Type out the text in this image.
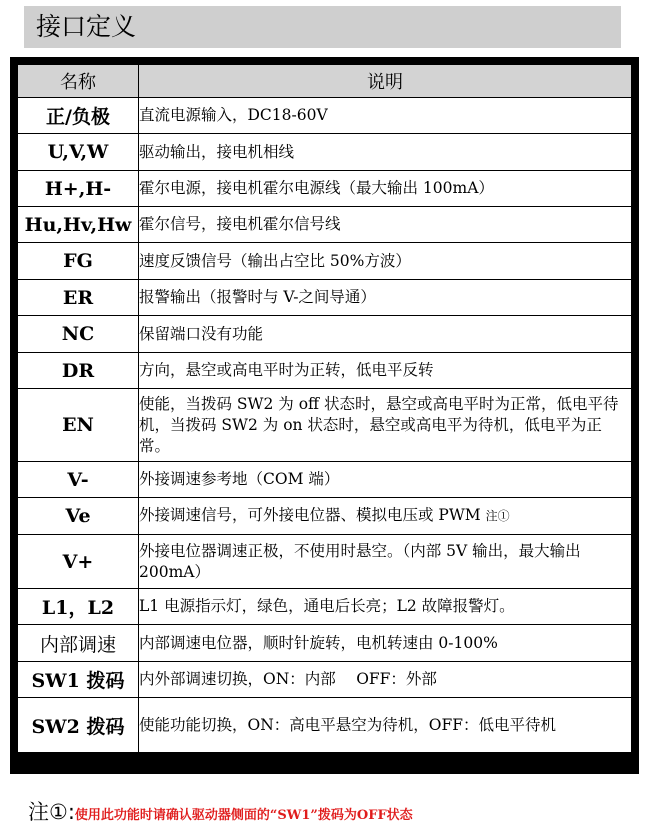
接口定义
名称	说明
正/负极	直流电源输入，DC18-60V
U,V,W	驱动输出，接电机相线
H+,H-	霍尔电源，接电机霍尔电源线（最大输出 100mA）
Hu,Hv,Hw	霍尔信号，接电机霍尔信号线
FG	速度反馈信号（输出占空比 50%方波）
ER	报警输出（报警时与 V-之间导通）
NC	保留端口没有功能
DR	方向，悬空或高电平时为正转，低电平反转
EN	使能，当拨码 SW2 为 off 状态时，悬空或高电平时为正常，低电平待机，当拨码 SW2 为 on 状态时，悬空或高电平为待机，低电平为正常。
V-	外接调速参考地（COM 端）
Ve	外接调速信号，可外接电位器、模拟电压或 PWM 注①
V+	外接电位器调速正极，不使用时悬空。（内部 5V 输出，最大输出 200mA）
L1，L2	L1 电源指示灯，绿色，通电后长亮；L2 故障报警灯。
内部调速	内部调速电位器，顺时针旋转，电机转速由 0-100%
SW1 拨码	内外部调速切换，ON：内部　 OFF：外部
SW2 拨码	使能功能切换，ON：高电平悬空为待机，OFF：低电平待机
注①:使用此功能时请确认驱动器侧面的“SW1”拨码为OFF状态
